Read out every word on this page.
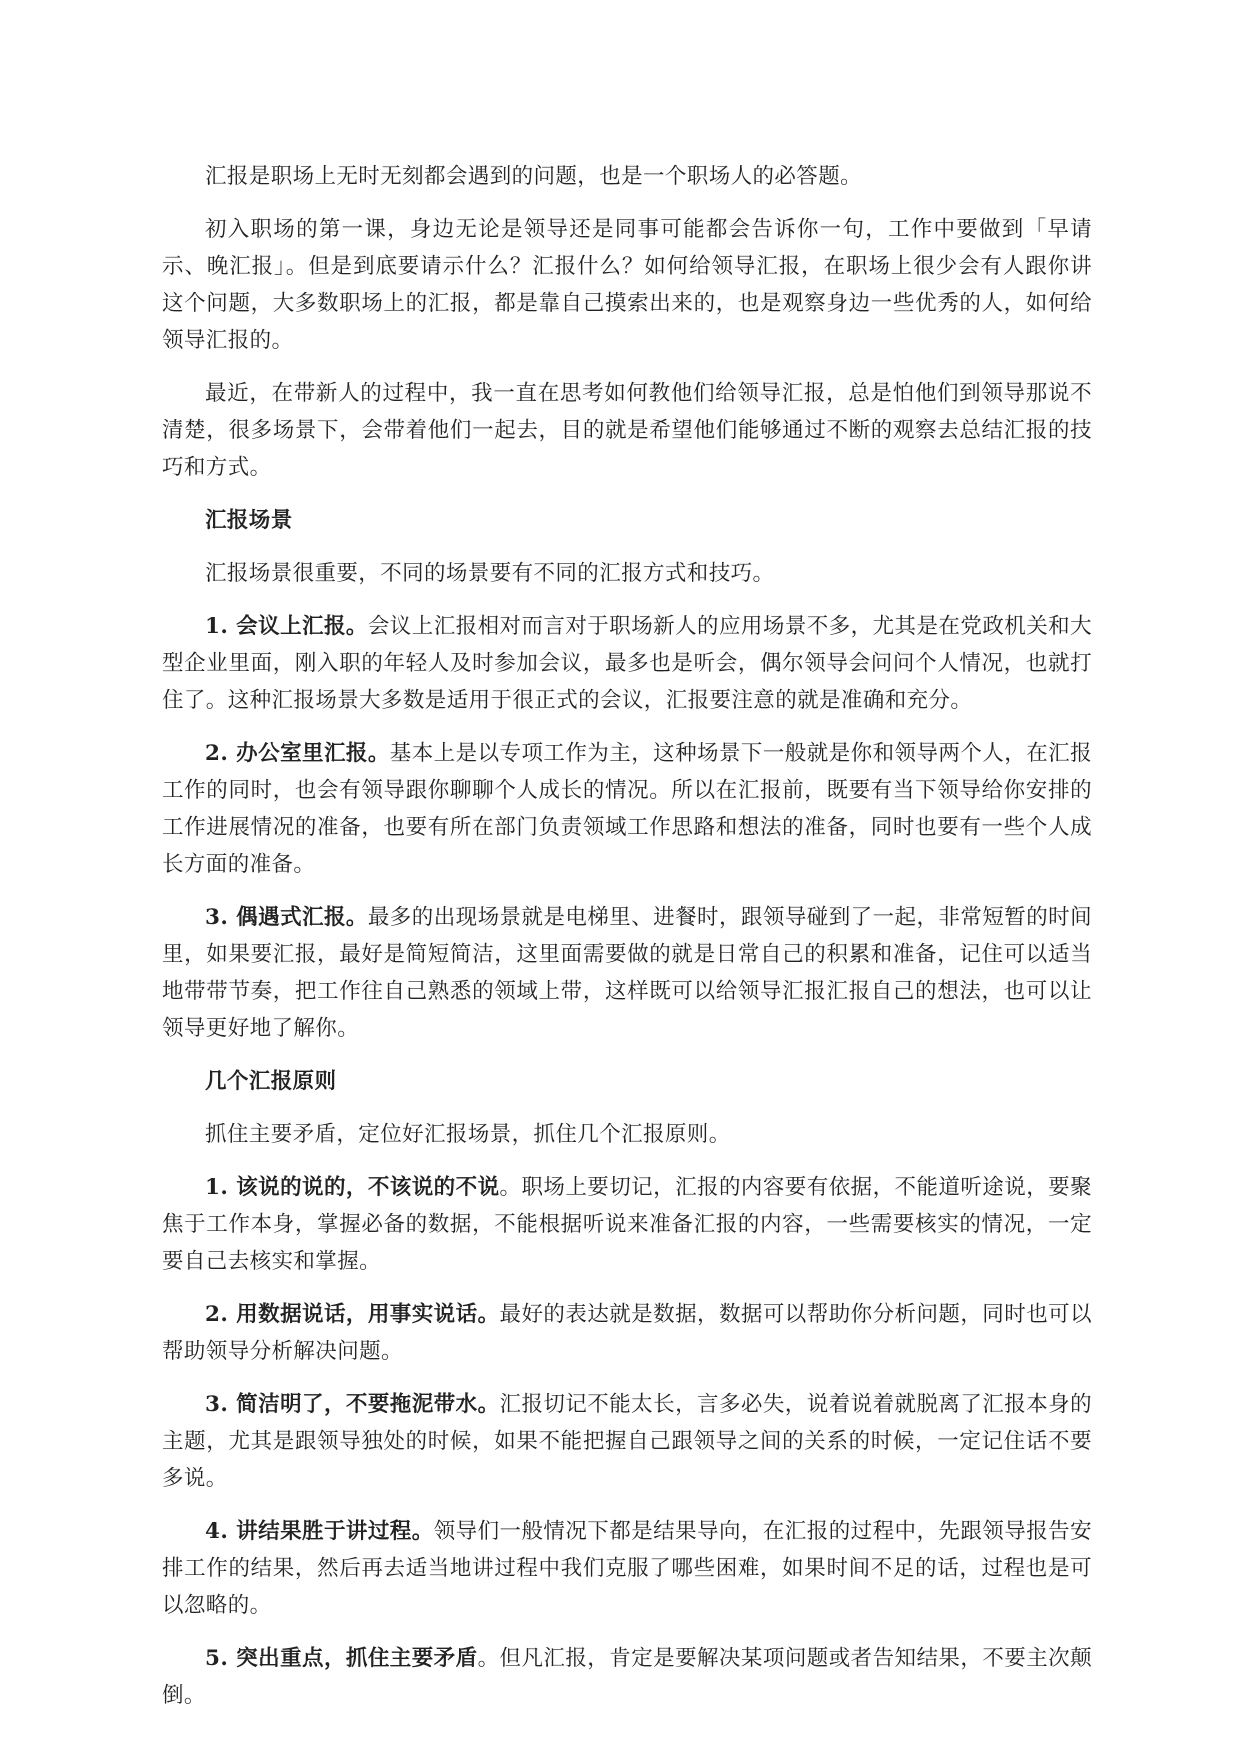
汇报是职场上无时无刻都会遇到的问题，也是一个职场人的必答题。

初入职场的第一课，身边无论是领导还是同事可能都会告诉你一句，工作中要做到「早请示、晚汇报」。但是到底要请示什么？汇报什么？如何给领导汇报，在职场上很少会有人跟你讲这个问题，大多数职场上的汇报，都是靠自己摸索出来的，也是观察身边一些优秀的人，如何给领导汇报的。

最近，在带新人的过程中，我一直在思考如何教他们给领导汇报，总是怕他们到领导那说不清楚，很多场景下，会带着他们一起去，目的就是希望他们能够通过不断的观察去总结汇报的技巧和方式。

汇报场景

汇报场景很重要，不同的场景要有不同的汇报方式和技巧。

1. 会议上汇报。会议上汇报相对而言对于职场新人的应用场景不多，尤其是在党政机关和大型企业里面，刚入职的年轻人及时参加会议，最多也是听会，偶尔领导会问问个人情况，也就打住了。这种汇报场景大多数是适用于很正式的会议，汇报要注意的就是准确和充分。

2. 办公室里汇报。基本上是以专项工作为主，这种场景下一般就是你和领导两个人，在汇报工作的同时，也会有领导跟你聊聊个人成长的情况。所以在汇报前，既要有当下领导给你安排的工作进展情况的准备，也要有所在部门负责领域工作思路和想法的准备，同时也要有一些个人成长方面的准备。

3. 偶遇式汇报。最多的出现场景就是电梯里、进餐时，跟领导碰到了一起，非常短暂的时间里，如果要汇报，最好是简短简洁，这里面需要做的就是日常自己的积累和准备，记住可以适当地带带节奏，把工作往自己熟悉的领域上带，这样既可以给领导汇报汇报自己的想法，也可以让领导更好地了解你。

几个汇报原则

抓住主要矛盾，定位好汇报场景，抓住几个汇报原则。

1. 该说的说的，不该说的不说。职场上要切记，汇报的内容要有依据，不能道听途说，要聚焦于工作本身，掌握必备的数据，不能根据听说来准备汇报的内容，一些需要核实的情况，一定要自己去核实和掌握。

2. 用数据说话，用事实说话。最好的表达就是数据，数据可以帮助你分析问题，同时也可以帮助领导分析解决问题。

3. 简洁明了，不要拖泥带水。汇报切记不能太长，言多必失，说着说着就脱离了汇报本身的主题，尤其是跟领导独处的时候，如果不能把握自己跟领导之间的关系的时候，一定记住话不要多说。

4. 讲结果胜于讲过程。领导们一般情况下都是结果导向，在汇报的过程中，先跟领导报告安排工作的结果，然后再去适当地讲过程中我们克服了哪些困难，如果时间不足的话，过程也是可以忽略的。

5. 突出重点，抓住主要矛盾。但凡汇报，肯定是要解决某项问题或者告知结果，不要主次颠倒。
